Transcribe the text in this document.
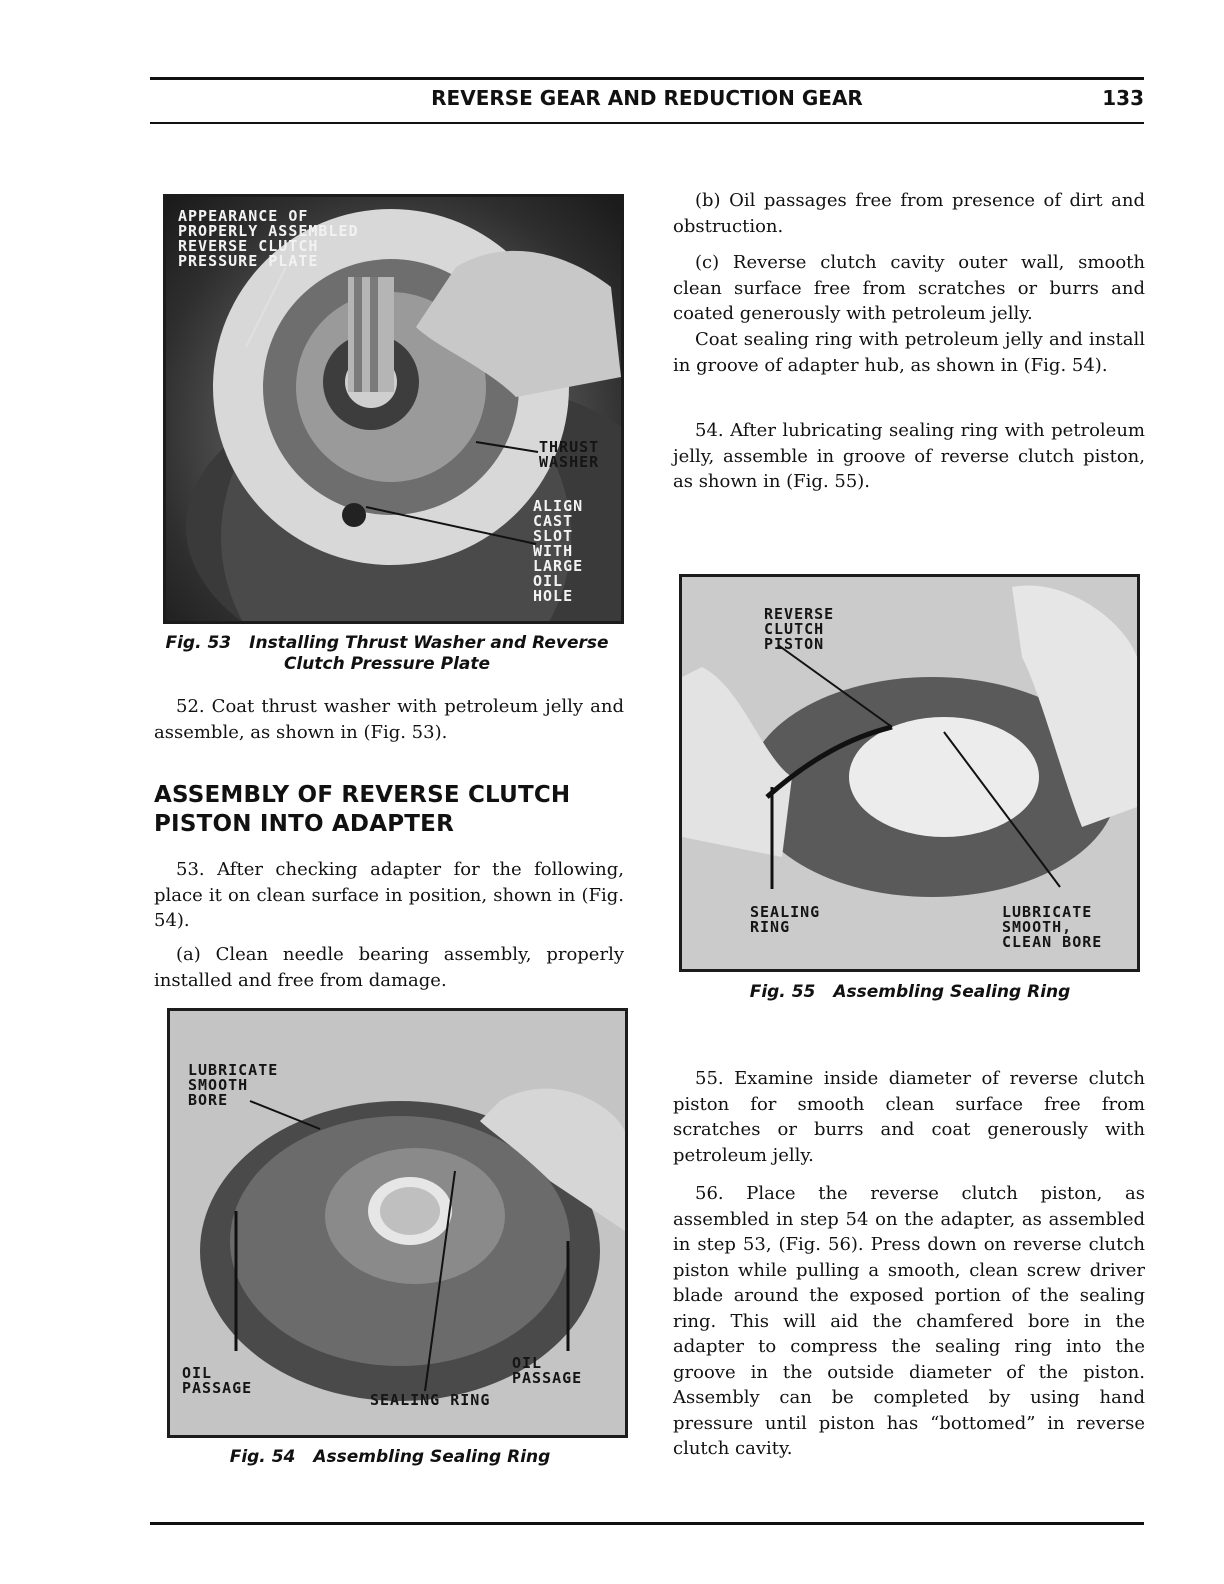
REVERSE GEAR AND REDUCTION GEAR	133
APPEARANCE OF
PROPERLY ASSEMBLED
REVERSE CLUTCH
PRESSURE PLATE
THRUST
WASHER
ALIGN
CAST
SLOT
WITH
LARGE
OIL
HOLE
Fig. 53 Installing Thrust Washer and Reverse Clutch Pressure Plate

52. Coat thrust washer with petroleum jelly and assemble, as shown in (Fig. 53).

ASSEMBLY OF REVERSE CLUTCH PISTON INTO ADAPTER

53. After checking adapter for the following, place it on clean surface in position, shown in (Fig. 54).

(a) Clean needle bearing assembly, properly installed and free from damage.

LUBRICATE
SMOOTH
BORE
OIL
PASSAGE
OIL
PASSAGE
SEALING RING
Fig. 54 Assembling Sealing Ring

(b) Oil passages free from presence of dirt and obstruction.

(c) Reverse clutch cavity outer wall, smooth clean surface free from scratches or burrs and coated generously with petroleum jelly.

Coat sealing ring with petroleum jelly and install in groove of adapter hub, as shown in (Fig. 54).

54. After lubricating sealing ring with petroleum jelly, assemble in groove of reverse clutch piston, as shown in (Fig. 55).

REVERSE
CLUTCH
PISTON
SEALING
RING
LUBRICATE
SMOOTH,
CLEAN BORE
Fig. 55 Assembling Sealing Ring

55. Examine inside diameter of reverse clutch piston for smooth clean surface free from scratches or burrs and coat generously with petroleum jelly.

56. Place the reverse clutch piston, as assembled in step 54 on the adapter, as assembled in step 53, (Fig. 56). Press down on reverse clutch piston while pulling a smooth, clean screw driver blade around the exposed portion of the sealing ring. This will aid the chamfered bore in the adapter to compress the sealing ring into the groove in the outside diameter of the piston. Assembly can be completed by using hand pressure until piston has “bottomed” in reverse clutch cavity.
